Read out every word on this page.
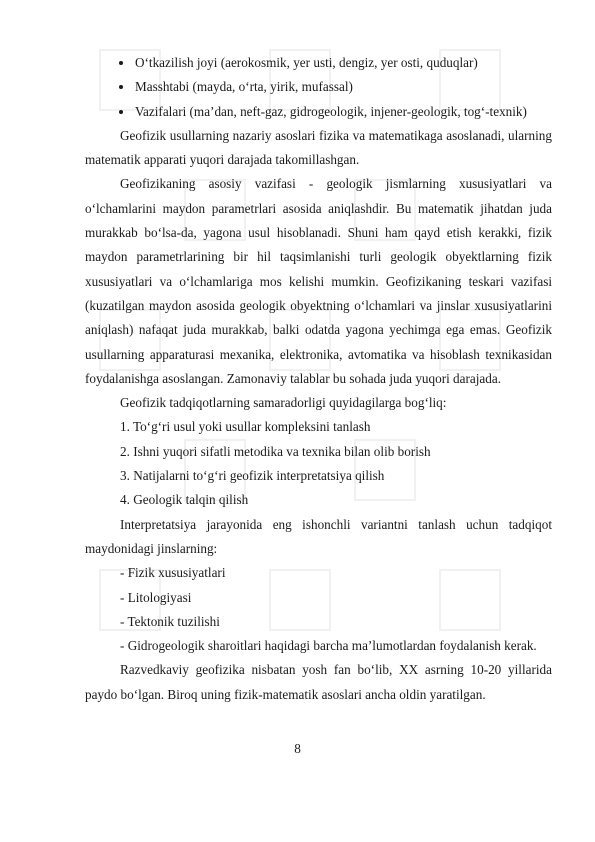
O‘tkazilish joyi (aerokosmik, yer usti, dengiz, yer osti, quduqlar)
Masshtabi (mayda, o‘rta, yirik, mufassal)
Vazifalari (ma’dan, neft-gaz, gidrogeologik, injener-geologik, tog‘-texnik)

Geofizik usullarning nazariy asoslari fizika va matematikaga asoslanadi, ularning matematik apparati yuqori darajada takomillashgan.

Geofizikaning asosiy vazifasi - geologik jismlarning xususiyatlari va o‘lchamlarini maydon parametrlari asosida aniqlashdir. Bu matematik jihatdan juda murakkab bo‘lsa-da, yagona usul hisoblanadi. Shuni ham qayd etish kerakki, fizik maydon parametrlarining bir hil taqsimlanishi turli geologik obyektlarning fizik xususiyatlari va o‘lchamlariga mos kelishi mumkin. Geofizikaning teskari vazifasi (kuzatilgan maydon asosida geologik obyektning o‘lchamlari va jinslar xususiyatlarini aniqlash) nafaqat juda murakkab, balki odatda yagona yechimga ega emas. Geofizik usullarning apparaturasi mexanika, elektronika, avtomatika va hisoblash texnikasidan foydalanishga asoslangan. Zamonaviy talablar bu sohada juda yuqori darajada.

Geofizik tadqiqotlarning samaradorligi quyidagilarga bog‘liq:

1. To‘g‘ri usul yoki usullar kompleksini tanlash

2. Ishni yuqori sifatli metodika va texnika bilan olib borish

3. Natijalarni to‘g‘ri geofizik interpretatsiya qilish

4. Geologik talqin qilish

Interpretatsiya jarayonida eng ishonchli variantni tanlash uchun tadqiqot maydonidagi jinslarning:

- Fizik xususiyatlari

- Litologiyasi

- Tektonik tuzilishi

- Gidrogeologik sharoitlari haqidagi barcha ma’lumotlardan foydalanish kerak.

Razvedkaviy geofizika nisbatan yosh fan bo‘lib, XX asrning 10-20 yillarida paydo bo‘lgan. Biroq uning fizik-matematik asoslari ancha oldin yaratilgan.

8
